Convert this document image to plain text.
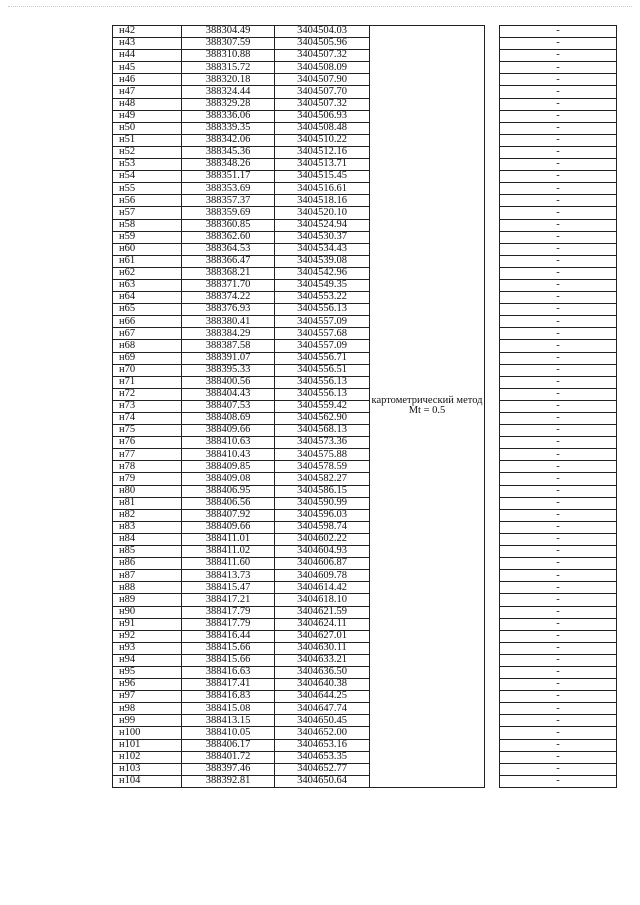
н42	388304.49	3404504.03	картометрический метод Mt = 0.5		-
н43	388307.59	3404505.96			-
н44	388310.88	3404507.32			-
н45	388315.72	3404508.09			-
н46	388320.18	3404507.90			-
н47	388324.44	3404507.70			-
н48	388329.28	3404507.32			-
н49	388336.06	3404506.93			-
н50	388339.35	3404508.48			-
н51	388342.06	3404510.22			-
н52	388345.36	3404512.16			-
н53	388348.26	3404513.71			-
н54	388351.17	3404515.45			-
н55	388353.69	3404516.61			-
н56	388357.37	3404518.16			-
н57	388359.69	3404520.10			-
н58	388360.85	3404524.94			-
н59	388362.60	3404530.37			-
н60	388364.53	3404534.43			-
н61	388366.47	3404539.08			-
н62	388368.21	3404542.96			-
н63	388371.70	3404549.35			-
н64	388374.22	3404553.22			-
н65	388376.93	3404556.13			-
н66	388380.41	3404557.09			-
н67	388384.29	3404557.68			-
н68	388387.58	3404557.09			-
н69	388391.07	3404556.71			-
н70	388395.33	3404556.51			-
н71	388400.56	3404556.13			-
н72	388404.43	3404556.13			-
н73	388407.53	3404559.42			-
н74	388408.69	3404562.90			-
н75	388409.66	3404568.13			-
н76	388410.63	3404573.36			-
н77	388410.43	3404575.88			-
н78	388409.85	3404578.59			-
н79	388409.08	3404582.27			-
н80	388406.95	3404586.15			-
н81	388406.56	3404590.99			-
н82	388407.92	3404596.03			-
н83	388409.66	3404598.74			-
н84	388411.01	3404602.22			-
н85	388411.02	3404604.93			-
н86	388411.60	3404606.87			-
н87	388413.73	3404609.78			-
н88	388415.47	3404614.42			-
н89	388417.21	3404618.10			-
н90	388417.79	3404621.59			-
н91	388417.79	3404624.11			-
н92	388416.44	3404627.01			-
н93	388415.66	3404630.11			-
н94	388415.66	3404633.21			-
н95	388416.63	3404636.50			-
н96	388417.41	3404640.38			-
н97	388416.83	3404644.25			-
н98	388415.08	3404647.74			-
н99	388413.15	3404650.45			-
н100	388410.05	3404652.00			-
н101	388406.17	3404653.16			-
н102	388401.72	3404653.35			-
н103	388397.46	3404652.77			-
н104	388392.81	3404650.64			-
